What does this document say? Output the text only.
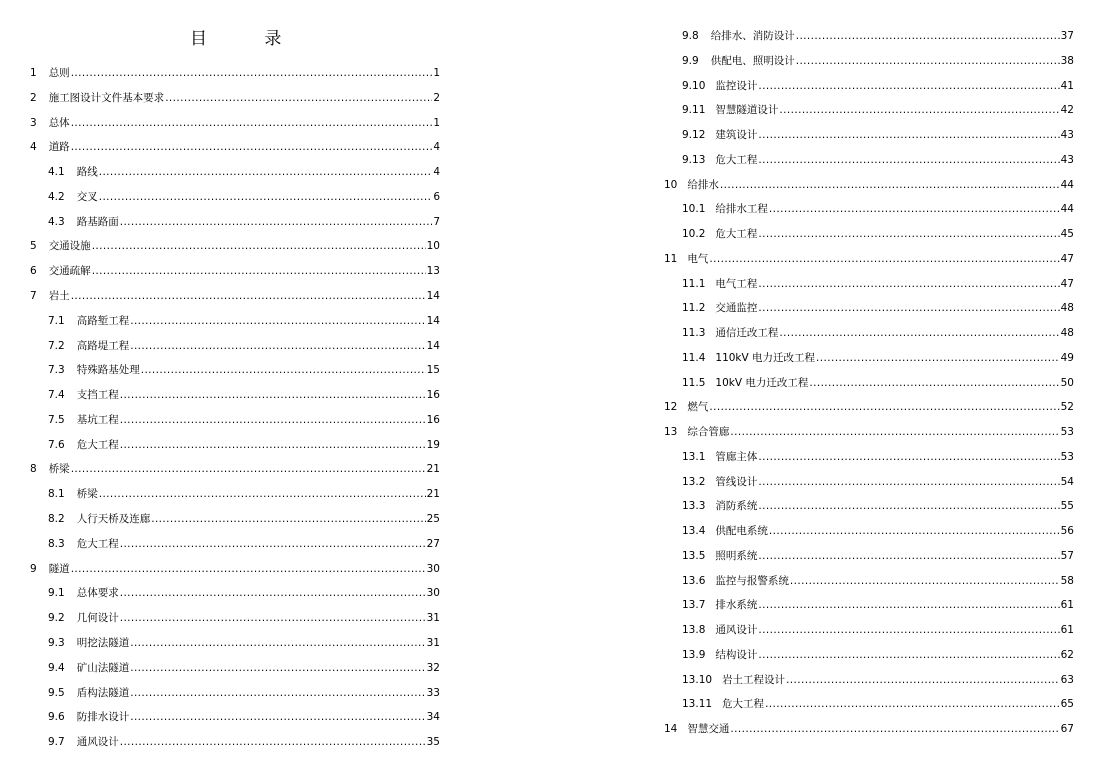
目 录
1 总则 .....	1
2 施工图设计文件基本要求 .....	2
3 总体 .....	1
4 道路 .....	4
4.1 路线 .....	4
4.2 交叉 .....	6
4.3 路基路面 .....	7
5 交通设施 .....	10
6 交通疏解 .....	13
7 岩土 .....	14
7.1 高路堑工程 .....	14
7.2 高路堤工程 .....	14
7.3 特殊路基处理 .....	15
7.4 支挡工程 .....	16
7.5 基坑工程 .....	16
7.6 危大工程 .....	19
8 桥梁 .....	21
8.1 桥梁 .....	21
8.2 人行天桥及连廊 .....	25
8.3 危大工程 .....	27
9 隧道 .....	30
9.1 总体要求 .....	30
9.2 几何设计 .....	31
9.3 明挖法隧道 .....	31
9.4 矿山法隧道 .....	32
9.5 盾构法隧道 .....	33
9.6 防排水设计 .....	34
9.7 通风设计 .....	35
9.8 给排水、消防设计 .....	37
9.9 供配电、照明设计 .....	38
9.10 监控设计 .....	41
9.11 智慧隧道设计 .....	42
9.12 建筑设计 .....	43
9.13 危大工程 .....	43
10 给排水 .....	44
10.1 给排水工程 .....	44
10.2 危大工程 .....	45
11 电气 .....	47
11.1 电气工程 .....	47
11.2 交通监控 .....	48
11.3 通信迁改工程 .....	48
11.4 110kV 电力迁改工程 .....	49
11.5 10kV 电力迁改工程 .....	50
12 燃气 .....	52
13 综合管廊 .....	53
13.1 管廊主体 .....	53
13.2 管线设计 .....	54
13.3 消防系统 .....	55
13.4 供配电系统 .....	56
13.5 照明系统 .....	57
13.6 监控与报警系统 .....	58
13.7 排水系统 .....	61
13.8 通风设计 .....	61
13.9 结构设计 .....	62
13.10 岩土工程设计 .....	63
13.11 危大工程 .....	65
14 智慧交通 .....	67
